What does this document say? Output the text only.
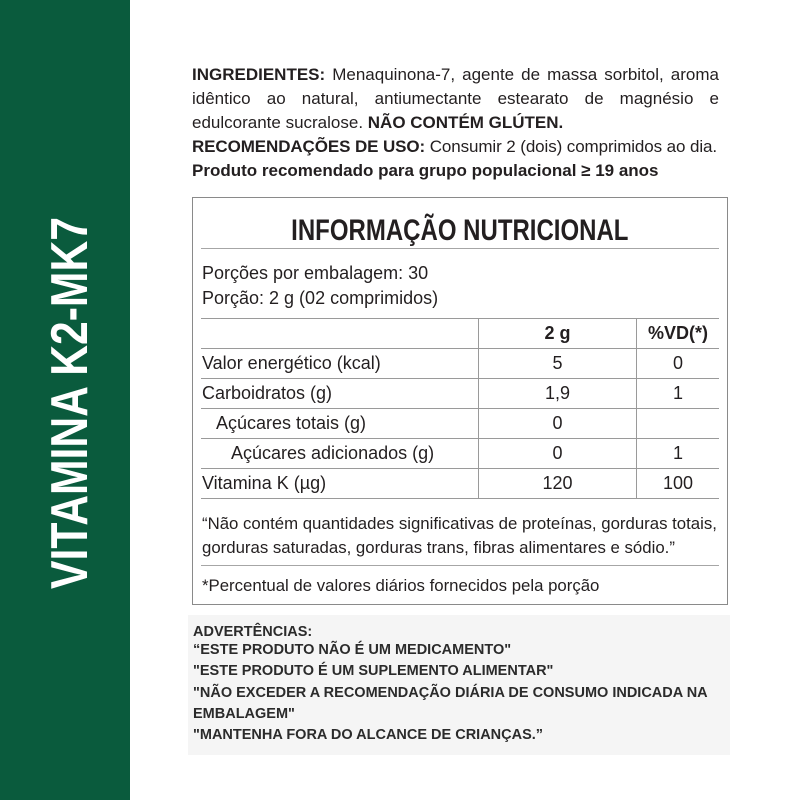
VITAMINA K2-MK7

INGREDIENTES: Menaquinona-7, agente de massa sorbitol, aroma idêntico ao natural, antiumectante estearato de magnésio e edulcorante sucralose. NÃO CONTÉM GLÚTEN.

RECOMENDAÇÕES DE USO: Consumir 2 (dois) comprimidos ao dia.

Produto recomendado para grupo populacional ≥ 19 anos

INFORMAÇÃO NUTRICIONAL
Porções por embalagem: 30
Porção: 2 g (02 comprimidos)
2 g	%VD(*)
Valor energético (kcal)	5	0
Carboidratos (g)	1,9	1
Açúcares totais (g)	0
Açúcares adicionados (g)	0	1
Vitamina K (µg)	120	100
“Não contém quantidades significativas de proteínas, gorduras totais, gorduras saturadas, gorduras trans, fibras alimentares e sódio.”
*Percentual de valores diários fornecidos pela porção
ADVERTÊNCIAS:
“ESTE PRODUTO NÃO É UM MEDICAMENTO"
"ESTE PRODUTO É UM SUPLEMENTO ALIMENTAR"
"NÃO EXCEDER A RECOMENDAÇÃO DIÁRIA DE CONSUMO INDICADA NA EMBALAGEM"
"MANTENHA FORA DO ALCANCE DE CRIANÇAS.”
